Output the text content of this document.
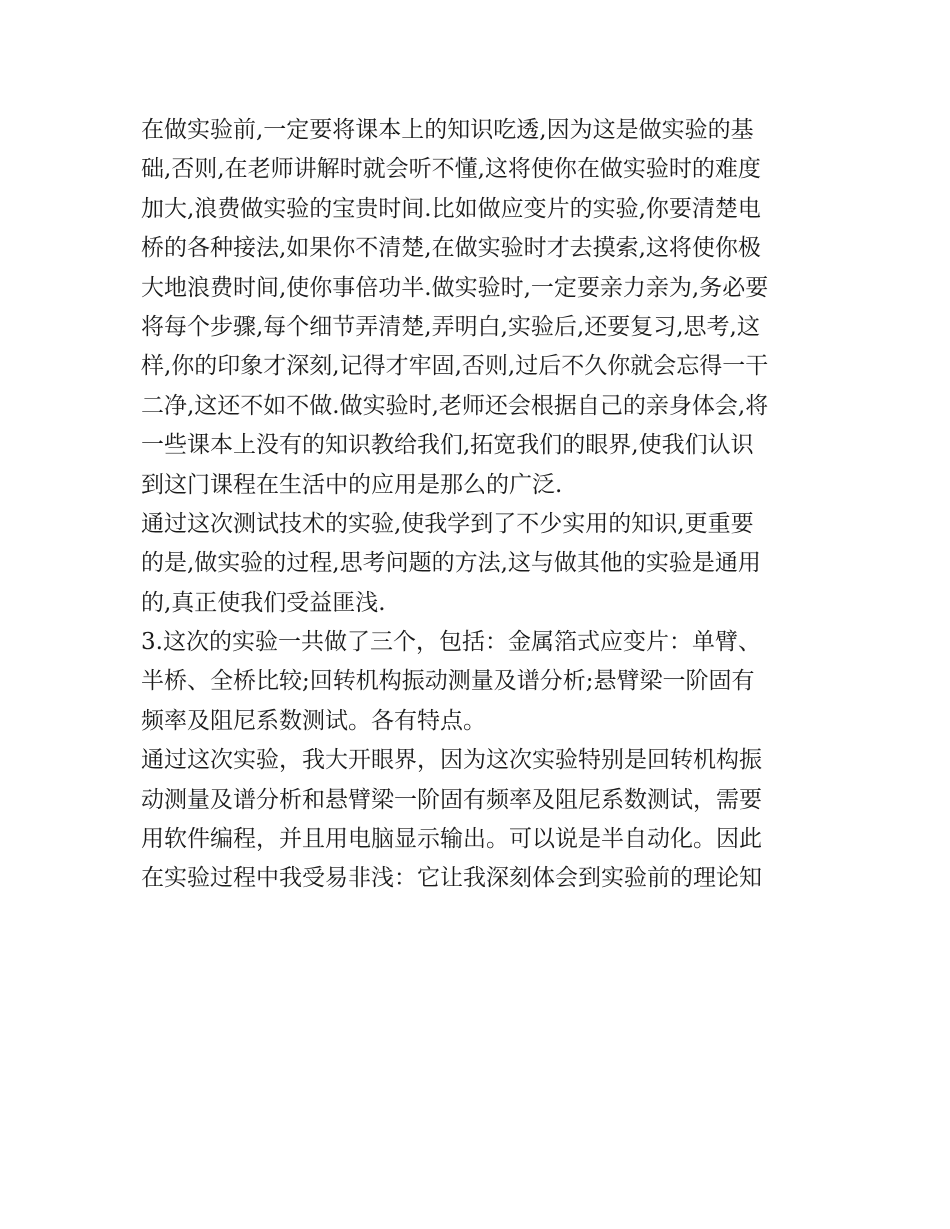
在做实验前,一定要将课本上的知识吃透,因为这是做实验的基
础,否则,在老师讲解时就会听不懂,这将使你在做实验时的难度
加大,浪费做实验的宝贵时间.比如做应变片的实验,你要清楚电
桥的各种接法,如果你不清楚,在做实验时才去摸索,这将使你极
大地浪费时间,使你事倍功半.做实验时,一定要亲力亲为,务必要
将每个步骤,每个细节弄清楚,弄明白,实验后,还要复习,思考,这
样,你的印象才深刻,记得才牢固,否则,过后不久你就会忘得一干
二净,这还不如不做.做实验时,老师还会根据自己的亲身体会,将
一些课本上没有的知识教给我们,拓宽我们的眼界,使我们认识
到这门课程在生活中的应用是那么的广泛.
通过这次测试技术的实验,使我学到了不少实用的知识,更重要
的是,做实验的过程,思考问题的方法,这与做其他的实验是通用
的,真正使我们受益匪浅.
3.这次的实验一共做了三个，包括：金属箔式应变片：单臂、
半桥、全桥比较;回转机构振动测量及谱分析;悬臂梁一阶固有
频率及阻尼系数测试。各有特点。
通过这次实验，我大开眼界，因为这次实验特别是回转机构振
动测量及谱分析和悬臂梁一阶固有频率及阻尼系数测试，需要
用软件编程，并且用电脑显示输出。可以说是半自动化。因此
在实验过程中我受易非浅：它让我深刻体会到实验前的理论知
